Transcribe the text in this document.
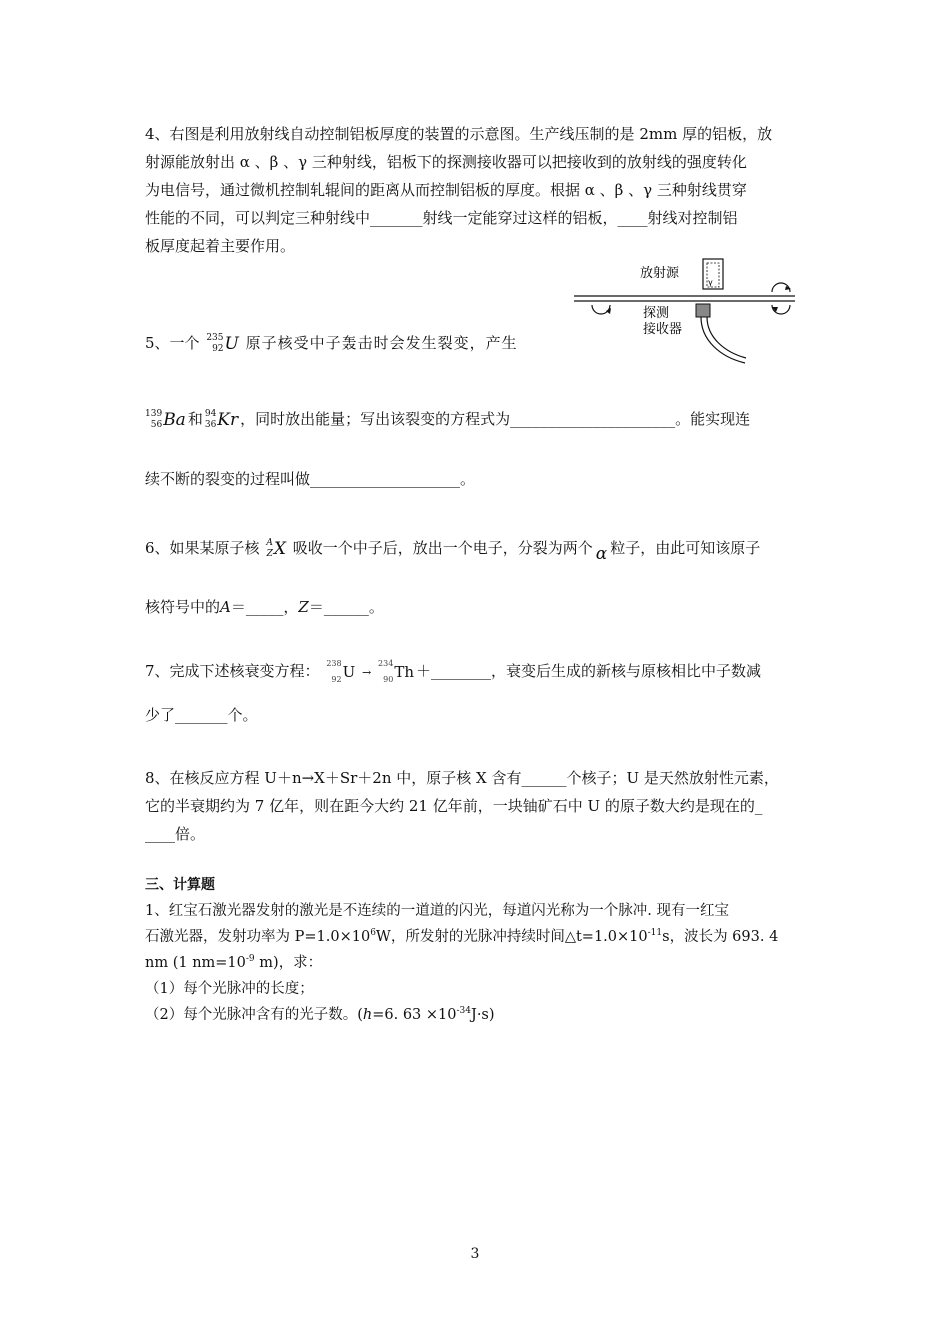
4、右图是利用放射线自动控制铝板厚度的装置的示意图。生产线压制的是 2mm 厚的铝板，放
射源能放射出 α 、β 、γ 三种射线，铝板下的探测接收器可以把接收到的放射线的强度转化
为电信号，通过微机控制轧辊间的距离从而控制铝板的厚度。根据 α 、β 、γ 三种射线贯穿
性能的不同，可以判定三种射线中_______射线一定能穿过这样的铝板，____射线对控制铝
板厚度起着主要作用。
放射源
γ
探测
接收器
5、一个 235
92 U 原子核受中子轰击时会发生裂变，产生
139
56 Ba 和 94
36 Kr ，同时放出能量；写出该裂变的方程式为______________________。能实现连
续不断的裂变的过程叫做____________________。
6、如果某原子核 A
Z X 吸收一个中子后，放出一个电子，分裂为两个 α 粒子，由此可知该原子
核符号中的A＝_____，Z＝______。
7、完成下述核衰变方程： 238
92 U →
234
90 Th ＋________，衰变后生成的新核与原核相比中子数减
少了_______个。
8、在核反应方程 U＋n→X＋Sr＋2n 中，原子核 X 含有______个核子；U 是天然放射性元素，
它的半衰期约为 7 亿年，则在距今大约 21 亿年前，一块铀矿石中 U 的原子数大约是现在的_
____倍。
三、计算题
1、红宝石激光器发射的激光是不连续的一道道的闪光，每道闪光称为一个脉冲. 现有一红宝
石激光器，发射功率为 $P=1.0\times 10^6W$，所发射的光脉冲持续时间$\triangle t=1.0\times 10^{-11}s$，波长为 693. 4
nm (1 $nm=10^{-9}$ m)，求：
（1）每个光脉冲的长度；
（2）每个光脉冲含有的光子数。(h=6. $63 \times 10^{-34}J\cdot s$)
3
